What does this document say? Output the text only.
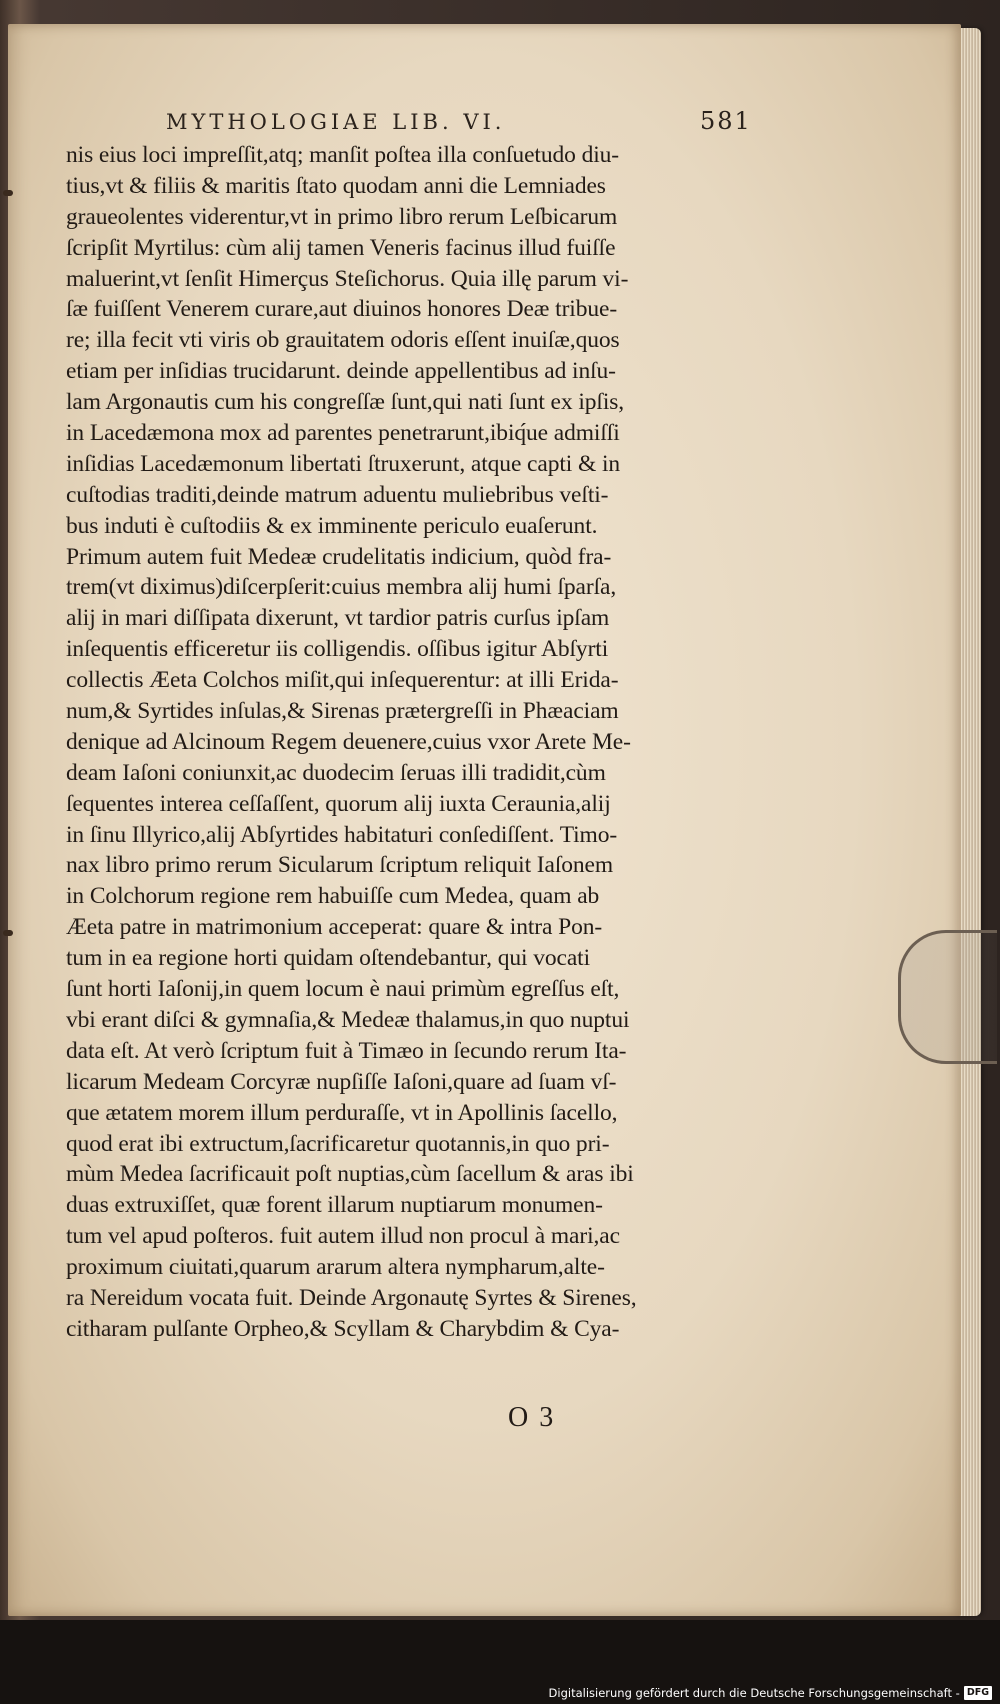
MYTHOLOGIAE LIB. VI.	581
nis eius loci impreſſit,atq; manſit poſtea illa conſuetudo diu-
tius,vt & filiis & maritis ſtato quodam anni die Lemniades
graueolentes viderentur,vt in primo libro rerum Leſbicarum
ſcripſit Myrtilus: cùm alij tamen Veneris facinus illud fuiſſe
maluerint,vt ſenſit Himerçus Steſichorus. Quia illę parum vi-
ſæ fuiſſent Venerem curare,aut diuinos honores Deæ tribue-
re; illa fecit vti viris ob grauitatem odoris eſſent inuiſæ,quos
etiam per inſidias trucidarunt. deinde appellentibus ad inſu-
lam Argonautis cum his congreſſæ ſunt,qui nati ſunt ex ipſis,
in Lacedæmona mox ad parentes penetrarunt,ibiq́ue admiſſi
inſidias Lacedæmonum libertati ſtruxerunt, atque capti & in
cuſtodias traditi,deinde matrum aduentu muliebribus veſti-
bus induti è cuſtodiis & ex imminente periculo euaſerunt.
Primum autem fuit Medeæ crudelitatis indicium, quòd fra-
trem(vt diximus)diſcerpſerit:cuius membra alij humi ſparſa,
alij in mari diſſipata dixerunt, vt tardior patris curſus ipſam
inſequentis efficeretur iis colligendis. oſſibus igitur Abſyrti
collectis Æeta Colchos miſit,qui inſequerentur: at illi Erida-
num,& Syrtides inſulas,& Sirenas prætergreſſi in Phæaciam
denique ad Alcinoum Regem deuenere,cuius vxor Arete Me-
deam Iaſoni coniunxit,ac duodecim ſeruas illi tradidit,cùm
ſequentes interea ceſſaſſent, quorum alij iuxta Ceraunia,alij
in ſinu Illyrico,alij Abſyrtides habitaturi conſediſſent. Timo-
nax libro primo rerum Sicularum ſcriptum reliquit Iaſonem
in Colchorum regione rem habuiſſe cum Medea, quam ab
Æeta patre in matrimonium acceperat: quare & intra Pon-
tum in ea regione horti quidam oſtendebantur, qui vocati
ſunt horti Iaſonij,in quem locum è naui primùm egreſſus eſt,
vbi erant diſci & gymnaſia,& Medeæ thalamus,in quo nuptui
data eſt. At verò ſcriptum fuit à Timæo in ſecundo rerum Ita-
licarum Medeam Corcyræ nupſiſſe Iaſoni,quare ad ſuam vſ-
que ætatem morem illum perduraſſe, vt in Apollinis ſacello,
quod erat ibi extructum,ſacrificaretur quotannis,in quo pri-
mùm Medea ſacrificauit poſt nuptias,cùm ſacellum & aras ibi
duas extruxiſſet, quæ forent illarum nuptiarum monumen-
tum vel apud poſteros. fuit autem illud non procul à mari,ac
proximum ciuitati,quarum ararum altera nympharum,alte-
ra Nereidum vocata fuit. Deinde Argonautę Syrtes & Sirenes,
citharam pulſante Orpheo,& Scyllam & Charybdim & Cya-
O 3
Digitalisierung gefördert durch die Deutsche Forschungsgemeinschaft - DFG
